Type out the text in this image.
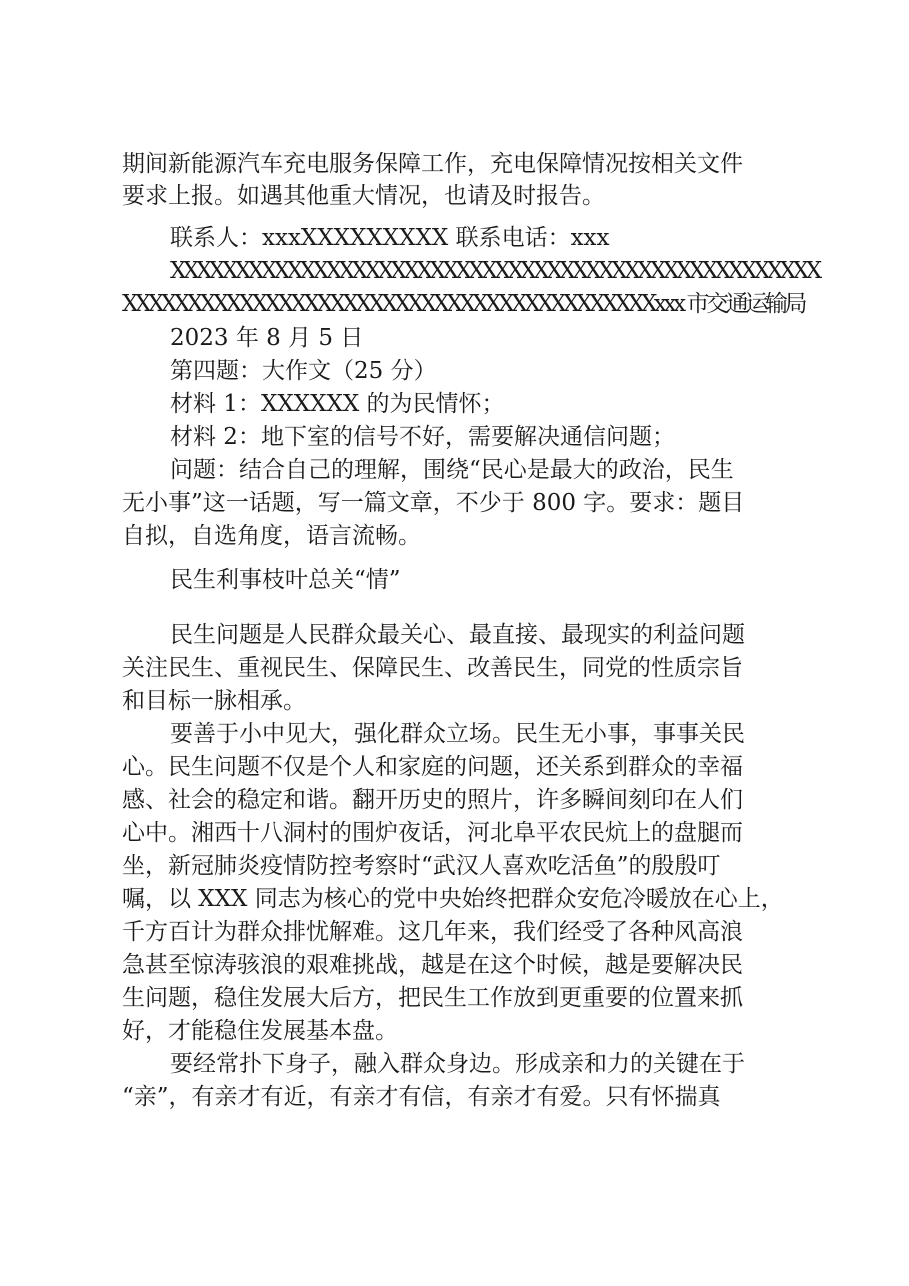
期间新能源汽车充电服务保障工作，充电保障情况按相关文件
要求上报。如遇其他重大情况，也请及时报告。
联系人：xxxXXXXXXXXX 联系电话：xxx
XXXXXXXXXXXXXXXXXXXXXXXXXXXXXXXXXXXXXXXXXXXXXXXXXX
XXXXXXXXXXXXXXXXXXXXXXXXXXXXXXXXXXXXXXXXXxxx 市交通运输局
2023 年 8 月 5 日
第四题：大作文（25 分）
材料 1：XXXXXX 的为民情怀；
材料 2：地下室的信号不好，需要解决通信问题；
问题：结合自己的理解，围绕“民心是最大的政治，民生
无小事”这一话题，写一篇文章，不少于 800 字。要求：题目
自拟，自选角度，语言流畅。
民生利事枝叶总关“情”
民生问题是人民群众最关心、最直接、最现实的利益问题
关注民生、重视民生、保障民生、改善民生，同党的性质宗旨
和目标一脉相承。
要善于小中见大，强化群众立场。民生无小事，事事关民
心。民生问题不仅是个人和家庭的问题，还关系到群众的幸福
感、社会的稳定和谐。翻开历史的照片，许多瞬间刻印在人们
心中。湘西十八洞村的围炉夜话，河北阜平农民炕上的盘腿而
坐，新冠肺炎疫情防控考察时“武汉人喜欢吃活鱼”的殷殷叮
嘱，以 XXX 同志为核心的党中央始终把群众安危冷暖放在心上，
千方百计为群众排忧解难。这几年来，我们经受了各种风高浪
急甚至惊涛骇浪的艰难挑战，越是在这个时候，越是要解决民
生问题，稳住发展大后方，把民生工作放到更重要的位置来抓
好，才能稳住发展基本盘。
要经常扑下身子，融入群众身边。形成亲和力的关键在于
“亲”，有亲才有近，有亲才有信，有亲才有爱。只有怀揣真
